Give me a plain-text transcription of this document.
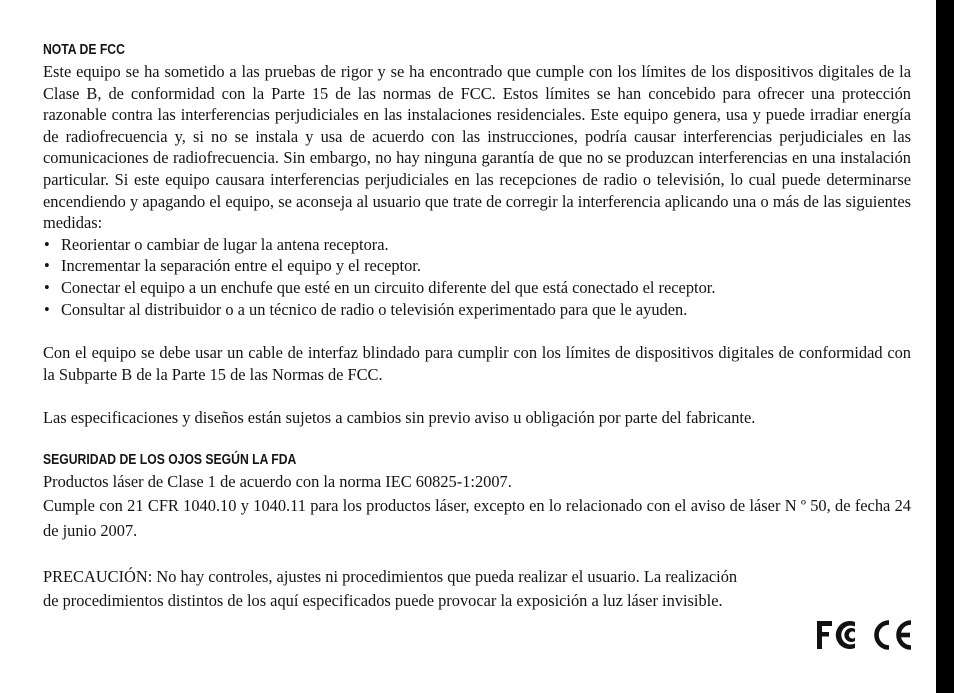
NOTA DE FCC

Este equipo se ha sometido a las pruebas de rigor y se ha encontrado que cumple con los límites de los dispositivos digitales de la Clase B, de conformidad con la Parte 15 de las normas de FCC. Estos límites se han concebido para ofrecer una protección razonable contra las interferencias perjudiciales en las instalaciones residenciales. Este equipo genera, usa y puede irradiar energía de radiofrecuencia y, si no se instala y usa de acuerdo con las instrucciones, podría causar interferencias perjudiciales en las comunicaciones de radiofrecuencia. Sin embargo, no hay ninguna garantía de que no se produzcan interferencias en una instalación particular. Si este equipo causara interferencias perjudiciales en las recepciones de radio o televisión, lo cual puede determinarse encendiendo y apagando el equipo, se aconseja al usuario que trate de corregir la interferencia aplicando una o más de las siguientes medidas:

• Reorientar o cambiar de lugar la antena receptora.
• Incrementar la separación entre el equipo y el receptor.
• Conectar el equipo a un enchufe que esté en un circuito diferente del que está conectado el receptor.
• Consultar al distribuidor o a un técnico de radio o televisión experimentado para que le ayuden.

Con el equipo se debe usar un cable de interfaz blindado para cumplir con los límites de dispositivos digitales de conformidad con la Subparte B de la Parte 15 de las Normas de FCC.

Las especificaciones y diseños están sujetos a cambios sin previo aviso u obligación por parte del fabricante.

SEGURIDAD DE LOS OJOS SEGÚN LA FDA

Productos láser de Clase 1 de acuerdo con la norma IEC 60825-1:2007.

Cumple con 21 CFR 1040.10 y 1040.11 para los productos láser, excepto en lo relacionado con el aviso de láser N º 50, de fecha 24 de junio 2007.

PRECAUCIÓN: No hay controles, ajustes ni procedimientos que pueda realizar el usuario. La realización

de procedimientos distintos de los aquí especificados puede provocar la exposición a luz láser invisible.
